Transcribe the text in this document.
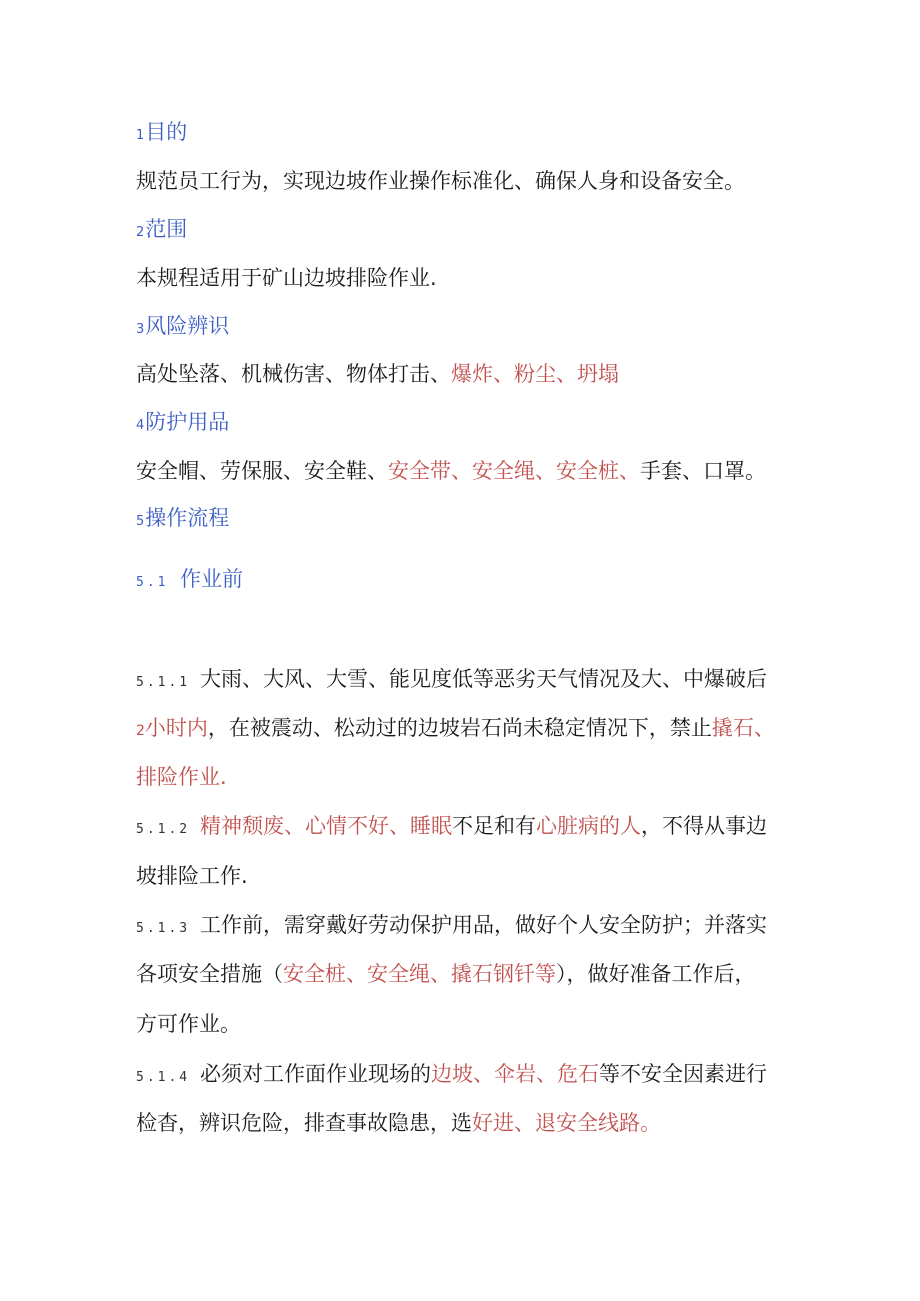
1目的
规范员工行为，实现边坡作业操作标准化、确保人身和设备安全。
2范围
本规程适用于矿山边坡排险作业.
3风险辨识
高处坠落、机械伤害、物体打击、爆炸、粉尘、坍塌
4防护用品
安全帽、劳保服、安全鞋、安全带、安全绳、安全桩、手套、口罩。
5操作流程
5.1 作业前
5.1.1 大雨、大风、大雪、能见度低等恶劣天气情况及大、中爆破后
2小时内，在被震动、松动过的边坡岩石尚未稳定情况下，禁止撬石、
排险作业.
5.1.2 精神颓废、心情不好、睡眠不足和有心脏病的人，不得从事边
坡排险工作.
5.1.3 工作前，需穿戴好劳动保护用品，做好个人安全防护；并落实
各项安全措施（安全桩、安全绳、撬石钢钎等），做好准备工作后，
方可作业。
5.1.4 必须对工作面作业现场的边坡、伞岩、危石等不安全因素进行
检杳，辨识危险，排查事故隐患，选好进、退安全线路。
